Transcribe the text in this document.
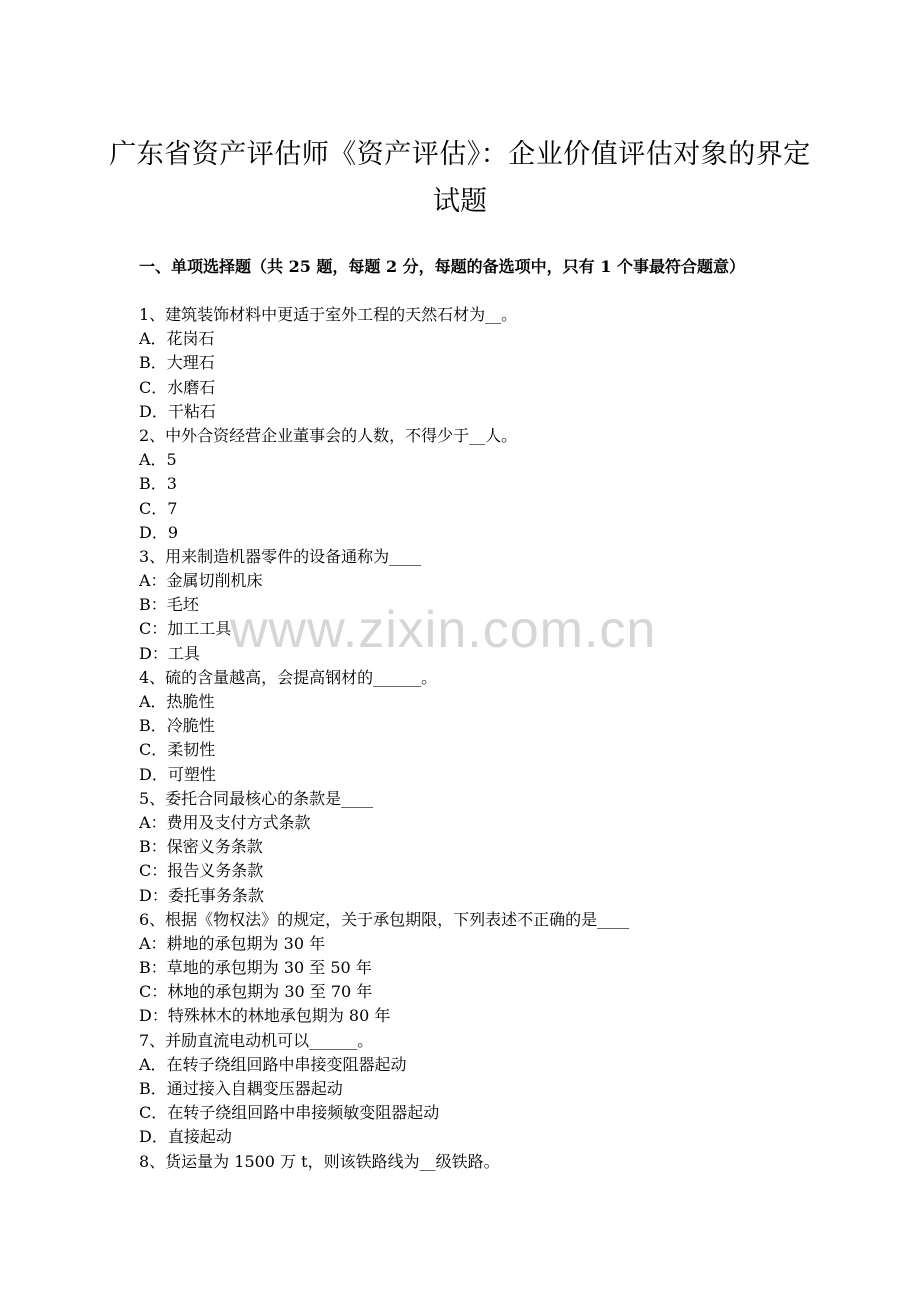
广东省资产评估师《资产评估》：企业价值评估对象的界定
试题

一、单项选择题（共 25 题，每题 2 分，每题的备选项中，只有 1 个事最符合题意）

1、建筑装饰材料中更适于室外工程的天然石材为__。
A．花岗石
B．大理石
C．水磨石
D．干粘石
2、中外合资经营企业董事会的人数，不得少于__人。
A．5
B．3
C．7
D．9
3、用来制造机器零件的设备通称为____
A：金属切削机床
B：毛坯
C：加工工具
D：工具
4、硫的含量越高，会提高钢材的______。
A．热脆性
B．冷脆性
C．柔韧性
D．可塑性
5、委托合同最核心的条款是____
A：费用及支付方式条款
B：保密义务条款
C：报告义务条款
D：委托事务条款
6、根据《物权法》的规定，关于承包期限，下列表述不正确的是____
A：耕地的承包期为 30 年
B：草地的承包期为 30 至 50 年
C：林地的承包期为 30 至 70 年
D：特殊林木的林地承包期为 80 年
7、并励直流电动机可以______。
A．在转子绕组回路中串接变阻器起动
B．通过接入自耦变压器起动
C．在转子绕组回路中串接频敏变阻器起动
D．直接起动
8、货运量为 1500 万 t，则该铁路线为__级铁路。
www.zixin.com.cn
